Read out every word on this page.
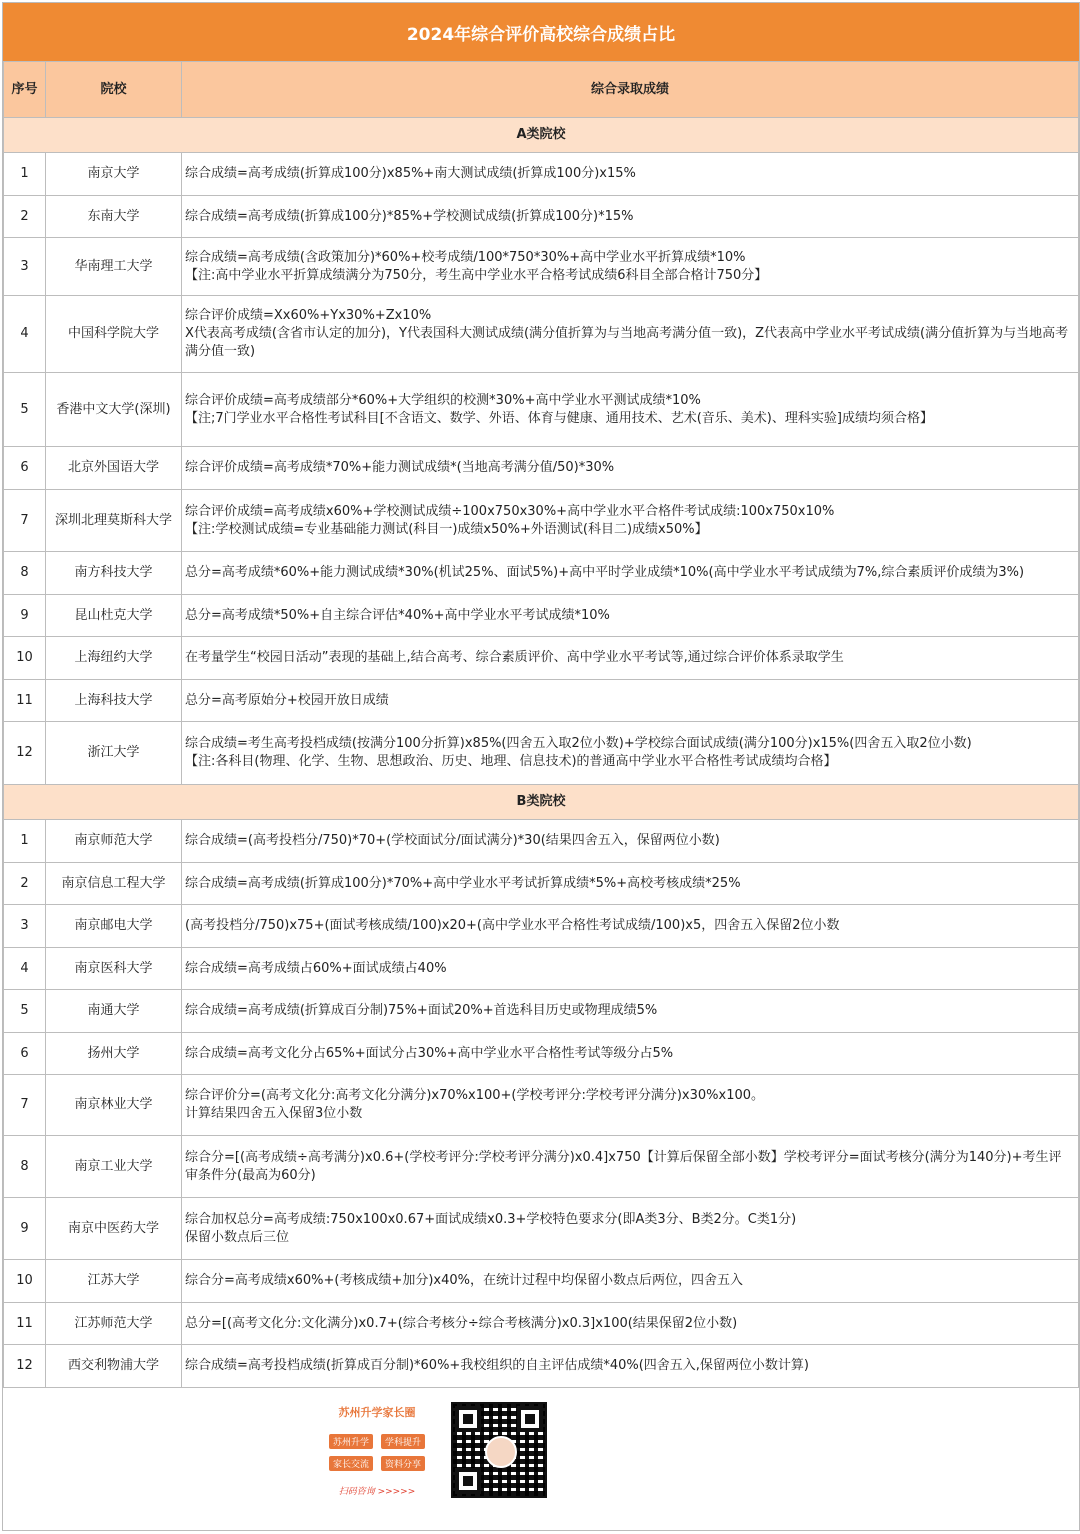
2024年综合评价高校综合成绩占比
序号	院校	综合录取成绩
A类院校		
1	南京大学	综合成绩=高考成绩(折算成100分)x85%+南大测试成绩(折算成100分)x15%

2	东南大学	综合成绩=高考成绩(折算成100分)*85%+学校测试成绩(折算成100分)*15%

3	华南理工大学	综合成绩=高考成绩(含政策加分)*60%+校考成绩/100*750*30%+高中学业水平折算成绩*10%
【注:高中学业水平折算成绩满分为750分，考生高中学业水平合格考试成绩6科目全部合格计750分】

4	中国科学院大学	综合评价成绩=Xx60%+Yx30%+Zx10%
X代表高考成绩(含省市认定的加分)，Y代表国科大测试成绩(满分值折算为与当地高考满分值一致)，Z代表高中学业水平考试成绩(满分值折算为与当地高考满分值一致)

5	香港中文大学(深圳)	综合评价成绩=高考成绩部分*60%+大学组织的校测*30%+高中学业水平测试成绩*10%
【注;7门学业水平合格性考试科目[不含语文、数学、外语、体育与健康、通用技术、艺术(音乐、美术)、理科实验]成绩均须合格】

6	北京外国语大学	综合评价成绩=高考成绩*70%+能力测试成绩*(当地高考满分值/50)*30%

7	深圳北理莫斯科大学	综合评价成绩=高考成绩x60%+学校测试成绩÷100x750x30%+高中学业水平合格件考试成绩:100x750x10%
【注:学校测试成绩=专业基础能力测试(科目一)成绩x50%+外语测试(科目二)成绩x50%】

8	南方科技大学	总分=高考成绩*60%+能力测试成绩*30%(机试25%、面试5%)+高中平时学业成绩*10%(高中学业水平考试成绩为7%,综合素质评价成绩为3%)

9	昆山杜克大学	总分=高考成绩*50%+自主综合评估*40%+高中学业水平考试成绩*10%

10	上海纽约大学	在考量学生“校园日活动”表现的基础上,结合高考、综合素质评价、高中学业水平考试等,通过综合评价体系录取学生

11	上海科技大学	总分=高考原始分+校园开放日成绩

12	浙江大学	综合成绩=考生高考投档成绩(按满分100分折算)x85%(四舍五入取2位小数)+学校综合面试成绩(满分100分)x15%(四舍五入取2位小数)
【注:各科目(物理、化学、生物、思想政治、历史、地理、信息技术)的普通高中学业水平合格性考试成绩均合格】

B类院校		
1	南京师范大学	综合成绩=(高考投档分/750)*70+(学校面试分/面试满分)*30(结果四舍五入，保留两位小数)

2	南京信息工程大学	综合成绩=高考成绩(折算成100分)*70%+高中学业水平考试折算成绩*5%+高校考核成绩*25%

3	南京邮电大学	(高考投档分/750)x75+(面试考核成绩/100)x20+(高中学业水平合格性考试成绩/100)x5，四舍五入保留2位小数

4	南京医科大学	综合成绩=高考成绩占60%+面试成绩占40%

5	南通大学	综合成绩=高考成绩(折算成百分制)75%+面试20%+首选科目历史或物理成绩5%

6	扬州大学	综合成绩=高考文化分占65%+面试分占30%+高中学业水平合格性考试等级分占5%

7	南京林业大学	综合评价分=(高考文化分:高考文化分满分)x70%x100+(学校考评分:学校考评分满分)x30%x100。
计算结果四舍五入保留3位小数

8	南京工业大学	综合分=[(高考成绩÷高考满分)x0.6+(学校考评分:学校考评分满分)x0.4]x750【计算后保留全部小数】学校考评分=面试考核分(满分为140分)+考生评审条件分(最高为60分)

9	南京中医药大学	综合加权总分=高考成绩:750x100x0.67+面试成绩x0.3+学校特色要求分(即A类3分、B类2分。C类1分)
保留小数点后三位

10	江苏大学	综合分=高考成绩x60%+(考核成绩+加分)x40%，在统计过程中均保留小数点后两位，四舍五入

11	江苏师范大学	总分=[(高考文化分:文化满分)x0.7+(综合考核分÷综合考核满分)x0.3]x100(结果保留2位小数)

12	西交利物浦大学	综合成绩=高考投档成绩(折算成百分制)*60%+我校组织的自主评估成绩*40%(四舍五入,保留两位小数计算)
苏州升学家长圈
苏州升学 学科提升
家长交流 资料分享
扫码咨询 >>>>>
